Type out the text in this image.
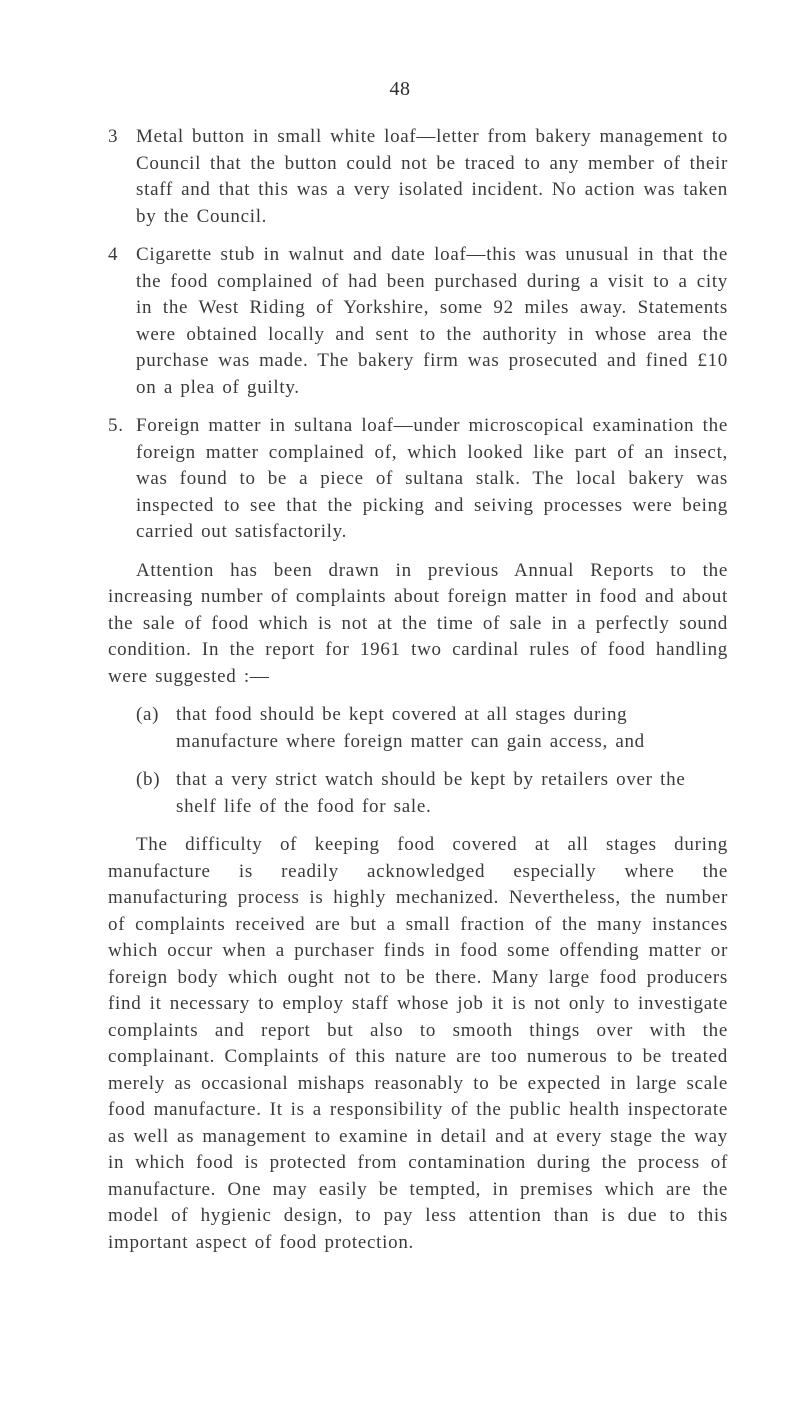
48
3 Metal button in small white loaf—letter from bakery management to Council that the button could not be traced to any member of their staff and that this was a very isolated incident. No action was taken by the Council.
4 Cigarette stub in walnut and date loaf—this was unusual in that the the food complained of had been purchased during a visit to a city in the West Riding of Yorkshire, some 92 miles away. Statements were obtained locally and sent to the authority in whose area the purchase was made. The bakery firm was prosecuted and fined £10 on a plea of guilty.
5. Foreign matter in sultana loaf—under microscopical examination the foreign matter complained of, which looked like part of an insect, was found to be a piece of sultana stalk. The local bakery was inspected to see that the picking and seiving processes were being carried out satisfactorily.

Attention has been drawn in previous Annual Reports to the increasing number of complaints about foreign matter in food and about the sale of food which is not at the time of sale in a perfectly sound condition. In the report for 1961 two cardinal rules of food handling were suggested :—

(a) that food should be kept covered at all stages during manufacture where foreign matter can gain access, and
(b) that a very strict watch should be kept by retailers over the shelf life of the food for sale.

The difficulty of keeping food covered at all stages during manufacture is readily acknowledged especially where the manufacturing process is highly mechanized. Nevertheless, the number of complaints received are but a small fraction of the many instances which occur when a purchaser finds in food some offending matter or foreign body which ought not to be there. Many large food producers find it necessary to employ staff whose job it is not only to investigate complaints and report but also to smooth things over with the complainant. Complaints of this nature are too numerous to be treated merely as occasional mishaps reasonably to be expected in large scale food manufacture. It is a responsibility of the public health inspectorate as well as management to examine in detail and at every stage the way in which food is protected from contamination during the process of manufacture. One may easily be tempted, in premises which are the model of hygienic design, to pay less attention than is due to this important aspect of food protection.
